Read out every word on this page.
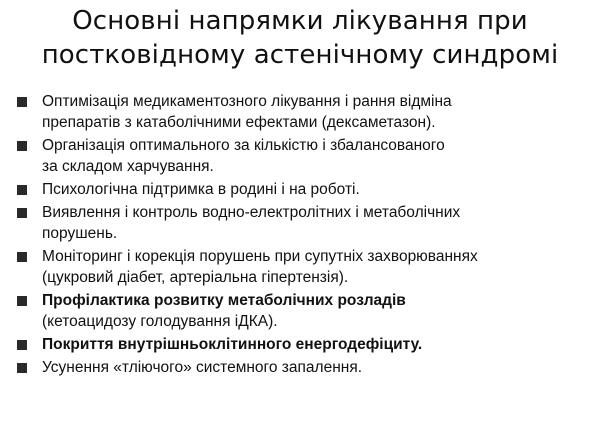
Основні напрямки лікування при
постковідному астенічному синдромі
Оптимізація медикаментозного лікування і рання відміна
препаратів з катаболічними ефектами (дексаметазон).
Організація оптимального за кількістю і збалансованого
за складом харчування.
Психологічна підтримка в родині і на роботі.
Виявлення і контроль водно-електролітних і метаболічних
порушень.
Моніторинг і корекція порушень при супутніх захворюваннях
(цукровий діабет, артеріальна гіпертензія).
Профілактика розвитку метаболічних розладів
(кетоацидозу голодування іДКА).
Покриття внутрішньоклітинного енергодефіциту.
Усунення «тліючого» системного запалення.
